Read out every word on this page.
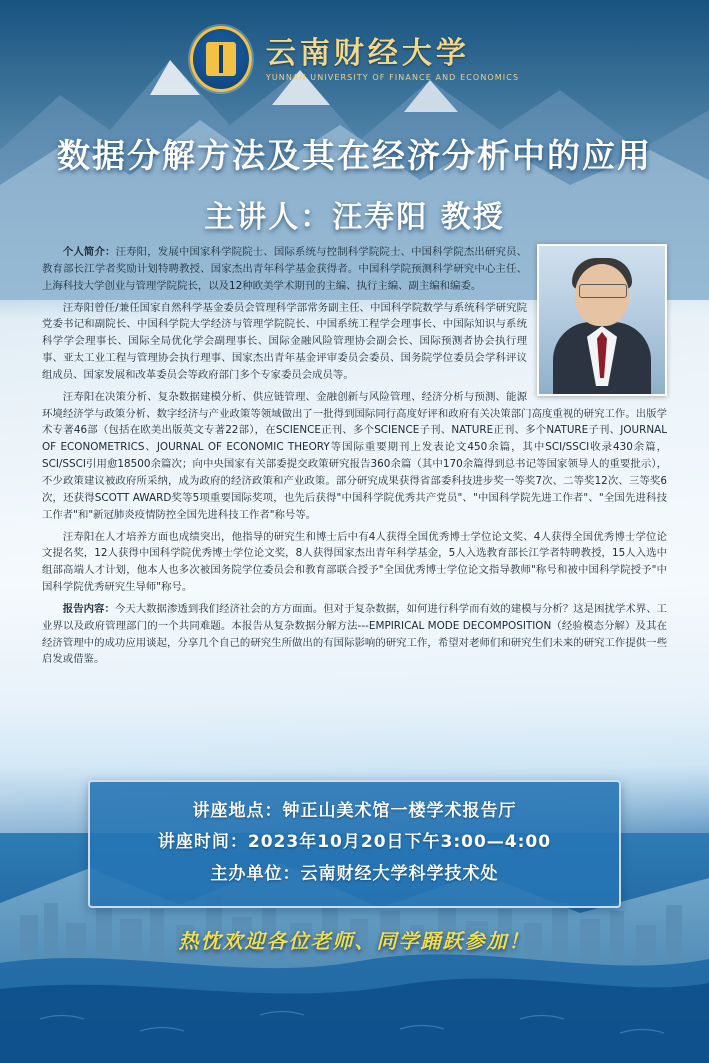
云南财经大学
YUNNAN UNIVERSITY OF FINANCE AND ECONOMICS
数据分解方法及其在经济分析中的应用
主讲人：汪寿阳 教授

个人简介：汪寿阳，发展中国家科学院院士、国际系统与控制科学院院士、中国科学院杰出研究员、教育部长江学者奖励计划特聘教授、国家杰出青年科学基金获得者。中国科学院预测科学研究中心主任、上海科技大学创业与管理学院院长，以及12种欧美学术期刊的主编、执行主编、副主编和编委。

汪寿阳曾任/兼任国家自然科学基金委员会管理科学部常务副主任、中国科学院数学与系统科学研究院党委书记和副院长、中国科学院大学经济与管理学院院长、中国系统工程学会理事长、中国际知识与系统科学学会理事长、国际全局优化学会副理事长、国际金融风险管理协会副会长、国际预测者协会执行理事、亚太工业工程与管理协会执行理事、国家杰出青年基金评审委员会委员、国务院学位委员会学科评议组成员、国家发展和改革委员会等政府部门多个专家委员会成员等。

汪寿阳在决策分析、复杂数据建模分析、供应链管理、金融创新与风险管理、经济分析与预测、能源环境经济学与政策分析、数字经济与产业政策等领域做出了一批得到国际同行高度好评和政府有关决策部门高度重视的研究工作。出版学术专著46部（包括在欧美出版英文专著22部），在SCIENCE正刊、多个SCIENCE子刊、NATURE正刊、多个NATURE子刊、JOURNAL OF ECONOMETRICS、JOURNAL OF ECONOMIC THEORY等国际重要期刊上发表论文450余篇，其中SCI/SSCI收录430余篇，SCI/SSCI引用愈18500余篇次；向中央国家有关部委提交政策研究报告360余篇（其中170余篇得到总书记等国家领导人的重要批示），不少政策建议被政府所采纳，成为政府的经济政策和产业政策。部分研究成果获得省部委科技进步奖一等奖7次、二等奖12次、三等奖6次，还获得SCOTT AWARD奖等5项重要国际奖项，也先后获得"中国科学院优秀共产党员"、"中国科学院先进工作者"、"全国先进科技工作者"和"新冠肺炎疫情防控全国先进科技工作者"称号等。

汪寿阳在人才培养方面也成绩突出，他指导的研究生和博士后中有4人获得全国优秀博士学位论文奖、4人获得全国优秀博士学位论文提名奖，12人获得中国科学院优秀博士学位论文奖，8人获得国家杰出青年科学基金，5人入选教育部长江学者特聘教授，15人入选中组部高端人才计划，他本人也多次被国务院学位委员会和教育部联合授予"全国优秀博士学位论文指导教师"称号和被中国科学院授予"中国科学院优秀研究生导师"称号。

报告内容：今天大数据渗透到我们经济社会的方方面面。但对于复杂数据，如何进行科学而有效的建模与分析？这是困扰学术界、工业界以及政府管理部门的一个共同难题。本报告从复杂数据分解方法---EMPIRICAL MODE DECOMPOSITION（经验模态分解）及其在经济管理中的成功应用谈起，分享几个自己的研究生所做出的有国际影响的研究工作，希望对老师们和研究生们未来的研究工作提供一些启发或借鉴。

讲座地点：钟正山美术馆一楼学术报告厅
讲座时间：2023年10月20日下午3:00—4:00
主办单位：云南财经大学科学技术处
热忱欢迎各位老师、同学踊跃参加！
